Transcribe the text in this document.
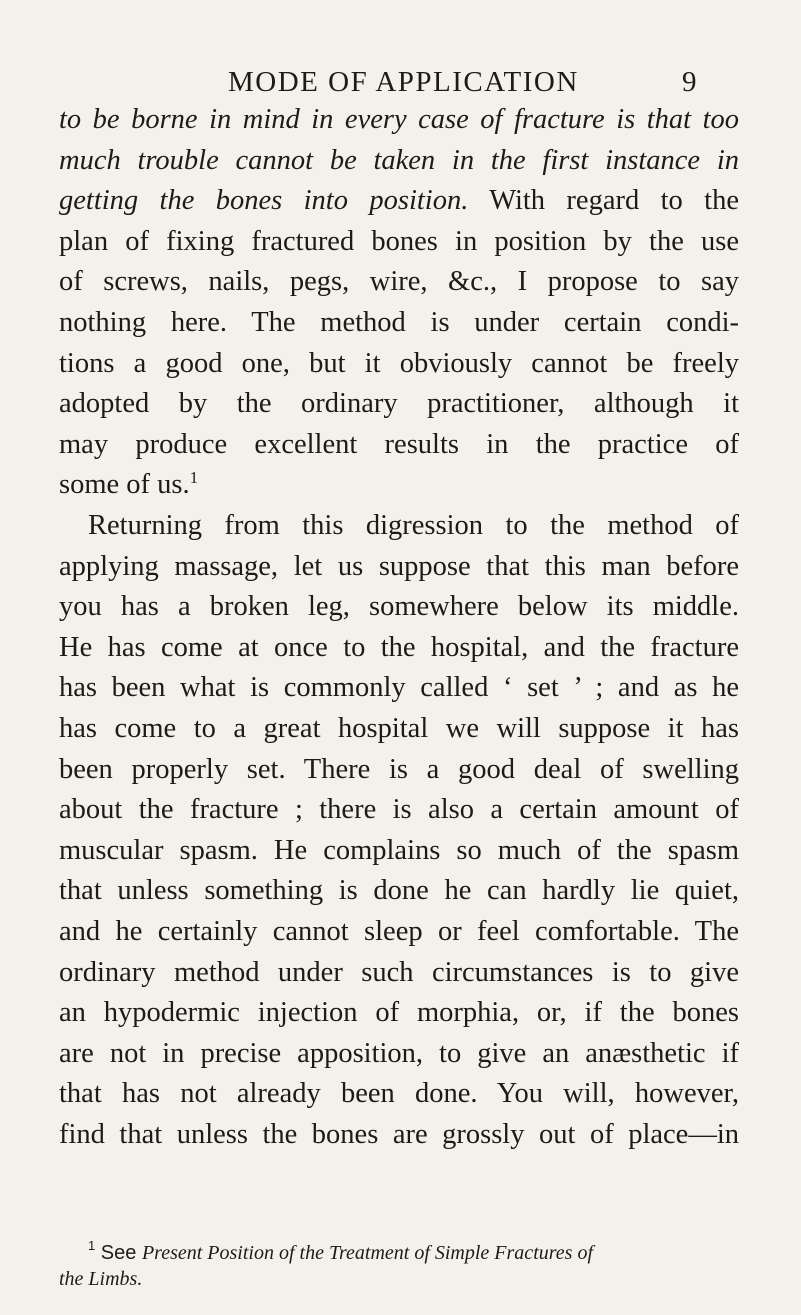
MODE OF APPLICATION	9
to be borne in mind in every case of fracture is that too
much trouble cannot be taken in the first instance in
getting the bones into position. With regard to the
plan of fixing fractured bones in position by the use
of screws, nails, pegs, wire, &c., I propose to say
nothing here. The method is under certain condi-
tions a good one, but it obviously cannot be freely
adopted by the ordinary practitioner, although it
may produce excellent results in the practice of
some of us.$^1$
Returning from this digression to the method of
applying massage, let us suppose that this man before
you has a broken leg, somewhere below its middle.
He has come at once to the hospital, and the fracture
has been what is commonly called ‘ set ’ ; and as he
has come to a great hospital we will suppose it has
been properly set. There is a good deal of swelling
about the fracture ; there is also a certain amount of
muscular spasm. He complains so much of the spasm
that unless something is done he can hardly lie quiet,
and he certainly cannot sleep or feel comfortable. The
ordinary method under such circumstances is to give
an hypodermic injection of morphia, or, if the bones
are not in precise apposition, to give an anæsthetic if
that has not already been done. You will, however,
find that unless the bones are grossly out of place—in
$^1$ See Present Position of the Treatment of Simple Fractures of
the Limbs.
